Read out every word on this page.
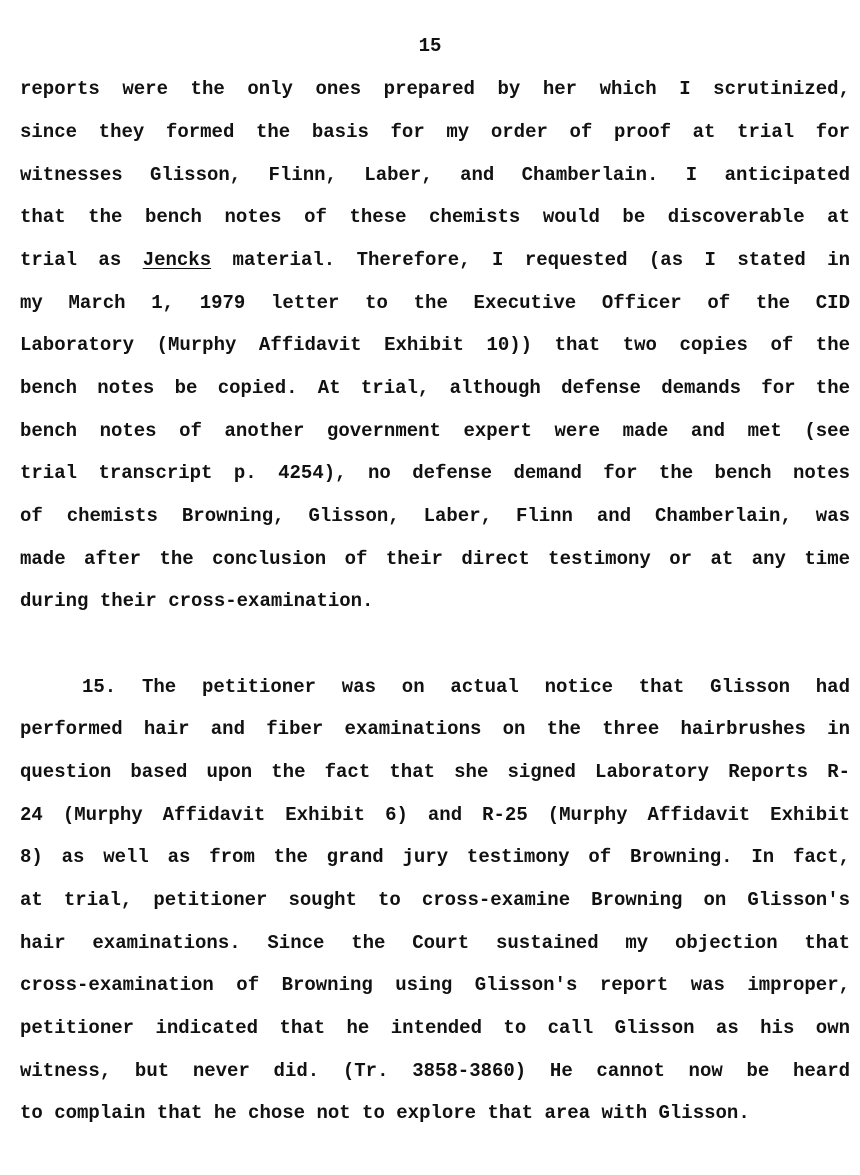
15
reports were the only ones prepared by her which I scrutinized,
since they formed the basis for my order of proof at trial for
witnesses Glisson, Flinn, Laber, and Chamberlain. I anticipated
that the bench notes of these chemists would be discoverable at
trial as Jencks material. Therefore, I requested (as I stated in
my March 1, 1979 letter to the Executive Officer of the CID
Laboratory (Murphy Affidavit Exhibit 10)) that two copies of the
bench notes be copied. At trial, although defense demands for the
bench notes of another government expert were made and met (see
trial transcript p. 4254), no defense demand for the bench notes
of chemists Browning, Glisson, Laber, Flinn and Chamberlain, was
made after the conclusion of their direct testimony or at any time
during their cross-examination.
15. The petitioner was on actual notice that Glisson had
performed hair and fiber examinations on the three hairbrushes in
question based upon the fact that she signed Laboratory Reports R-
24 (Murphy Affidavit Exhibit 6) and R-25 (Murphy Affidavit Exhibit
8) as well as from the grand jury testimony of Browning. In fact,
at trial, petitioner sought to cross-examine Browning on Glisson's
hair examinations. Since the Court sustained my objection that
cross-examination of Browning using Glisson's report was improper,
petitioner indicated that he intended to call Glisson as his own
witness, but never did. (Tr. 3858-3860) He cannot now be heard
to complain that he chose not to explore that area with Glisson.
